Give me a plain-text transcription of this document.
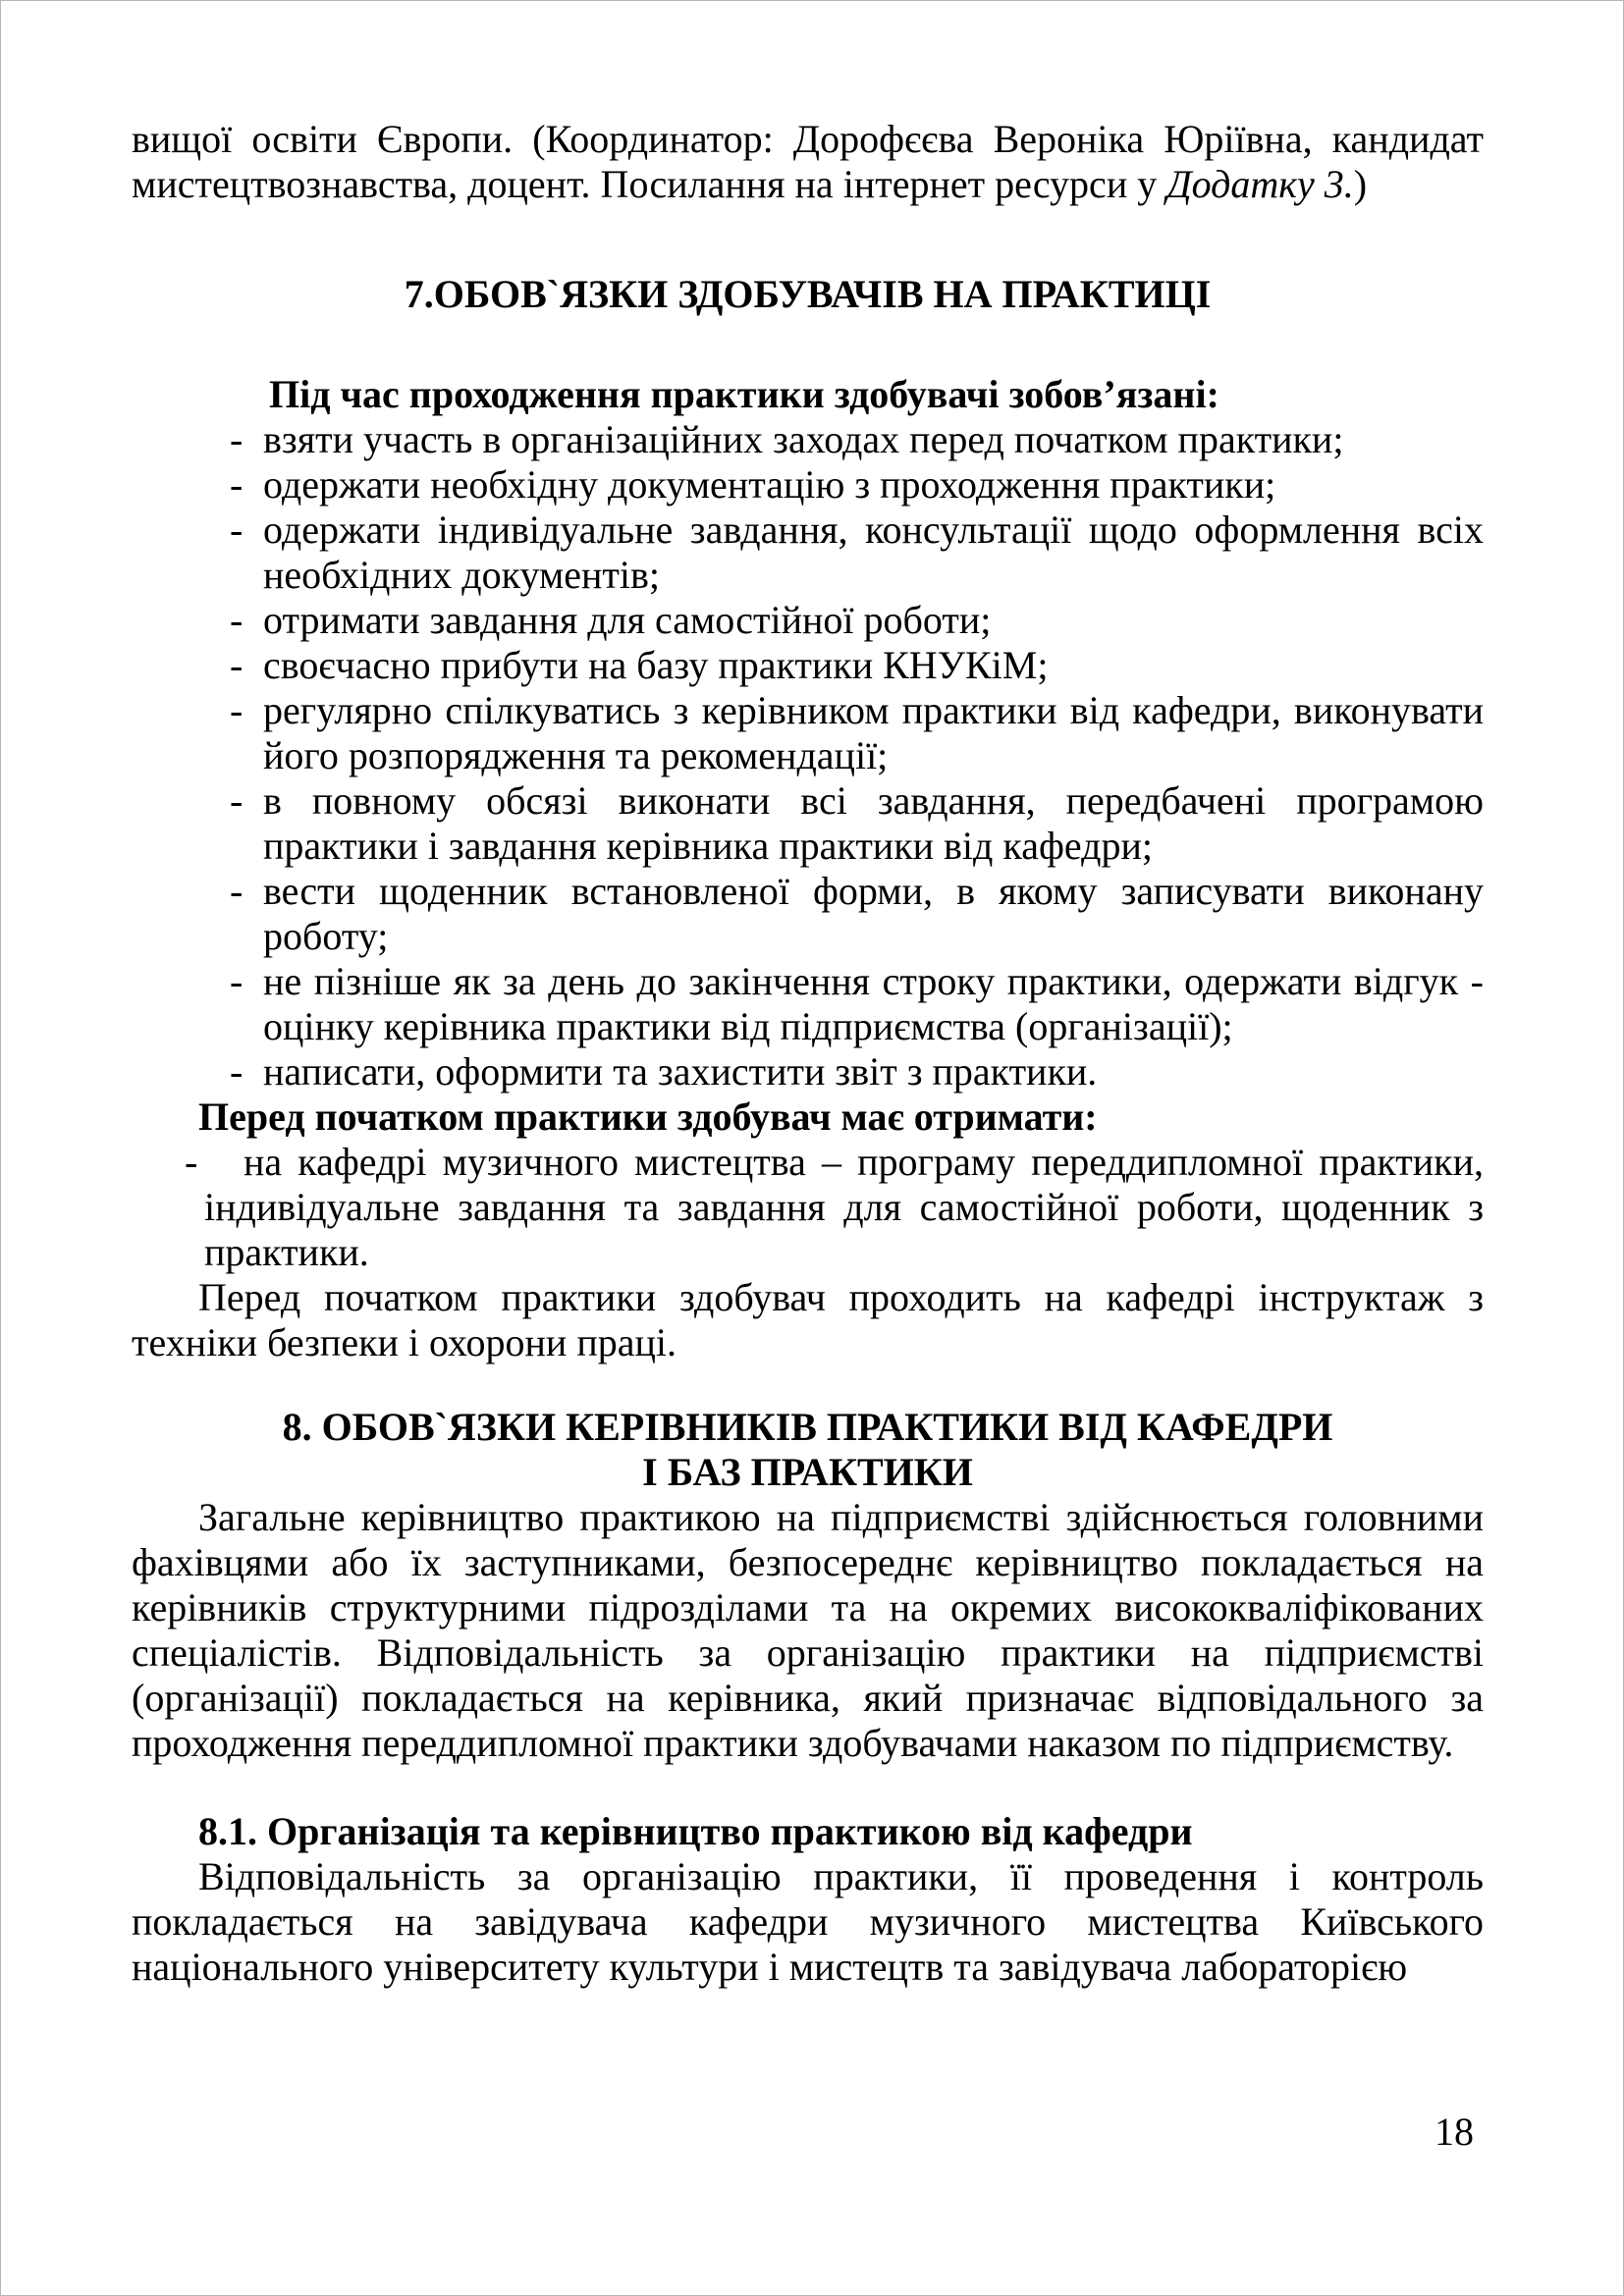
вищої освіти Європи. (Координатор: Дорофєєва Вероніка Юріївна, кандидат мистецтвознавства, доцент. Посилання на інтернет ресурси у Додатку 3.)

7.ОБОВ`ЯЗКИ ЗДОБУВАЧІВ НА ПРАКТИЦІ

Під час проходження практики здобувачі зобов’язані:

- взяти участь в організаційних заходах перед початком практики;
- одержати необхідну документацію з проходження практики;
- одержати індивідуальне завдання, консультації щодо оформлення всіх необхідних документів;
- отримати завдання для самостійної роботи;
- своєчасно прибути на базу практики КНУКіМ;
- регулярно спілкуватись з керівником практики від кафедри, виконувати його розпорядження та рекомендації;
- в повному обсязі виконати всі завдання, передбачені програмою практики і завдання керівника практики від кафедри;
- вести щоденник встановленої форми, в якому записувати виконану роботу;
- не пізніше як за день до закінчення строку практики, одержати відгук - оцінку керівника практики від підприємства (організації);
- написати, оформити та захистити звіт з практики.

Перед початком практики здобувач має отримати:

- на кафедрі музичного мистецтва – програму переддипломної практики, індивідуальне завдання та завдання для самостійної роботи, щоденник з практики.

Перед початком практики здобувач проходить на кафедрі інструктаж з техніки безпеки і охорони праці.

8. ОБОВ`ЯЗКИ КЕРІВНИКІВ ПРАКТИКИ ВІД КАФЕДРИ
І БАЗ ПРАКТИКИ

Загальне керівництво практикою на підприємстві здійснюється головними фахівцями або їх заступниками, безпосереднє керівництво покладається на керівників структурними підрозділами та на окремих висококваліфікованих спеціалістів. Відповідальність за організацію практики на підприємстві (організації) покладається на керівника, який призначає відповідального за проходження переддипломної практики здобувачами наказом по підприємству.

8.1. Організація та керівництво практикою від кафедри

Відповідальність за організацію практики, її проведення і контроль покладається на завідувача кафедри музичного мистецтва Київського національного університету культури і мистецтв та завідувача лабораторією

18
